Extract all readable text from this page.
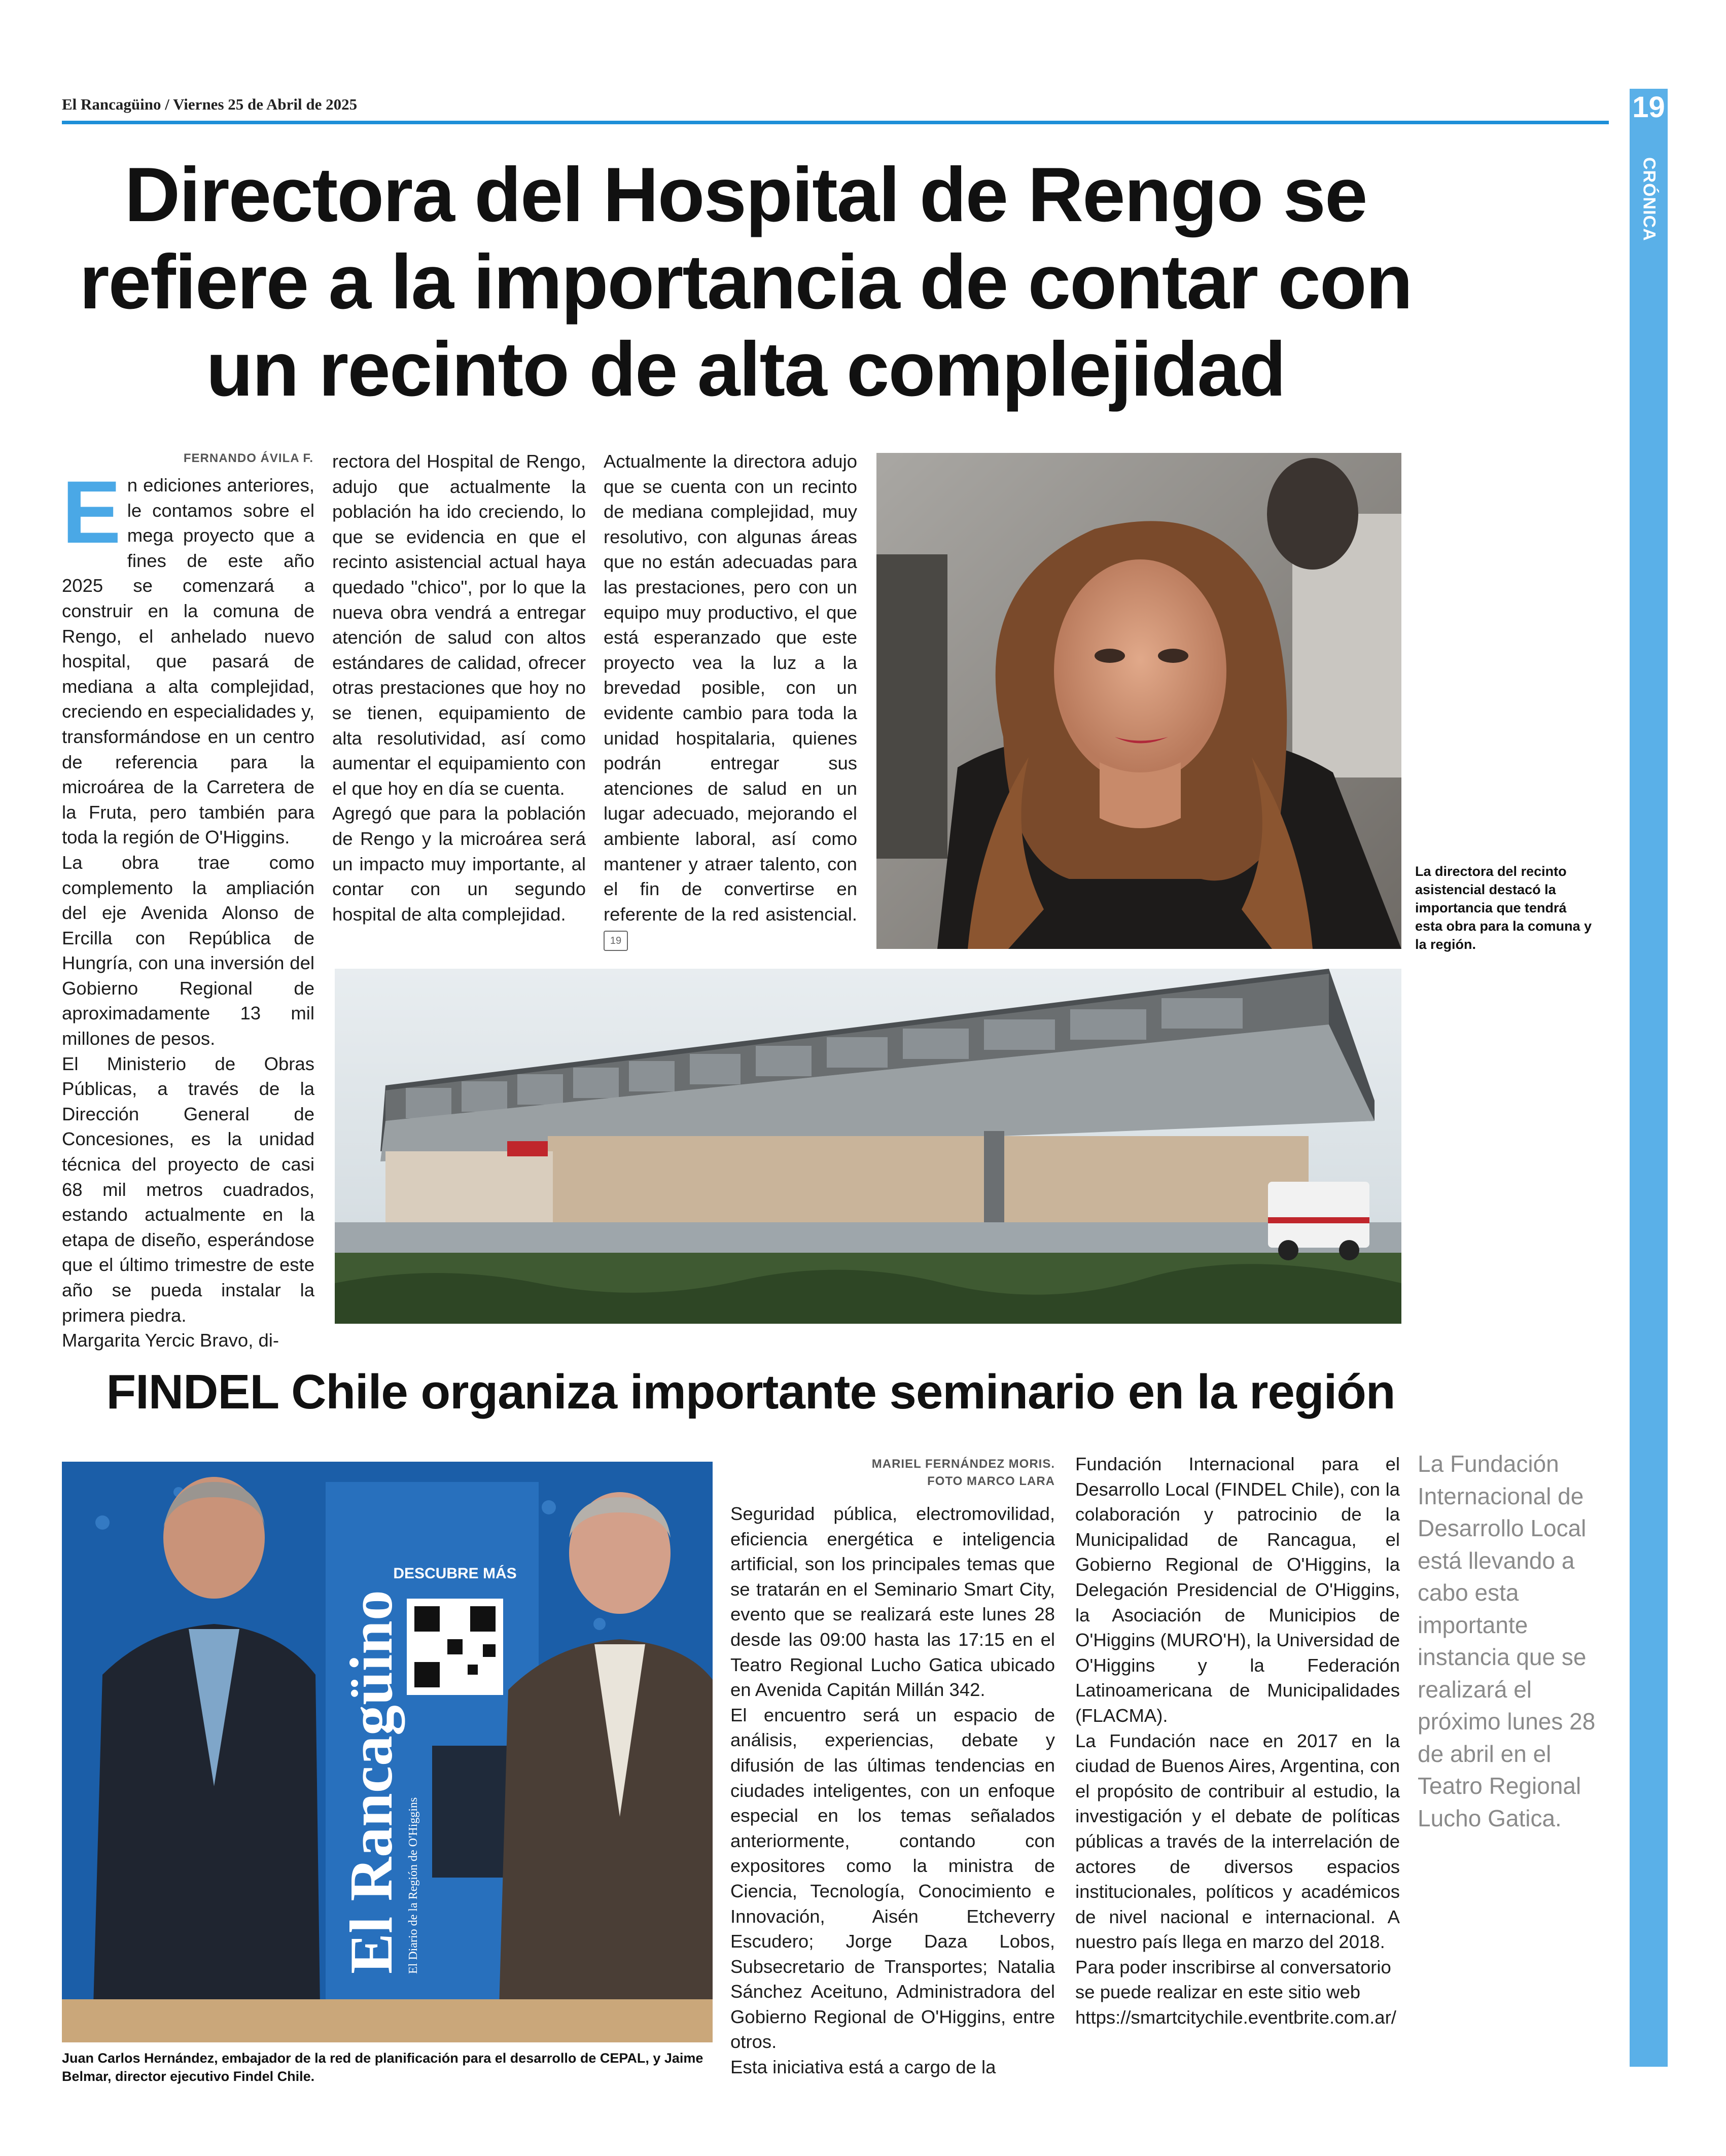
El Rancagüino / Viernes 25 de Abril de 2025	19
CRÓNICA
Directora del Hospital de Rengo se
refiere a la importancia de contar con
un recinto de alta complejidad
FERNANDO ÁVILA F.

En ediciones anteriores, le contamos sobre el mega proyecto que a fines de este año 2025 se comenzará a construir en la comuna de Rengo, el anhelado nuevo hospital, que pasará de mediana a alta complejidad, creciendo en especialidades y, transformándose en un centro de referencia para la microárea de la Carretera de la Fruta, pero también para toda la región de O'Higgins.

La obra trae como complemento la ampliación del eje Avenida Alonso de Ercilla con República de Hungría, con una inversión del Gobierno Regional de aproximadamente 13 mil millones de pesos.

El Ministerio de Obras Públicas, a través de la Dirección General de Concesiones, es la unidad técnica del proyecto de casi 68 mil metros cuadrados, estando actualmente en la etapa de diseño, esperándose que el último trimestre de este año se pueda instalar la primera piedra.

Margarita Yercic Bravo, di-

rectora del Hospital de Rengo, adujo que actualmente la población ha ido creciendo, lo que se evidencia en que el recinto asistencial actual haya quedado "chico", por lo que la nueva obra vendrá a entregar atención de salud con altos estándares de calidad, ofrecer otras prestaciones que hoy no se tienen, equipamiento de alta resolutividad, así como aumentar el equipamiento con el que hoy en día se cuenta.

Agregó que para la población de Rengo y la microárea será un impacto muy importante, al contar con un segundo hospital de alta complejidad.

Actualmente la directora adujo que se cuenta con un recinto de mediana complejidad, muy resolutivo, con algunas áreas que no están adecuadas para las prestaciones, pero con un equipo muy productivo, el que está esperanzado que este proyecto vea la luz a la brevedad posible, con un evidente cambio para toda la unidad hospitalaria, quienes podrán entregar sus atenciones de salud en un lugar adecuado, mejorando el ambiente laboral, así como mantener y atraer talento, con el fin de convertirse en referente de la red asistencial. 19

La directora del recinto asistencial destacó la importancia que tendrá esta obra para la comuna y la región.
FINDEL Chile organiza importante seminario en la región
DESCUBRE MÁS
El Rancagüino El Diario de la Región de O'Higgins
Juan Carlos Hernández, embajador de la red de planificación para el desarrollo de CEPAL, y Jaime Belmar, director ejecutivo Findel Chile.
MARIEL FERNÁNDEZ MORIS.
FOTO MARCO LARA

Seguridad pública, electromovilidad, eficiencia energética e inteligencia artificial, son los principales temas que se tratarán en el Seminario Smart City, evento que se realizará este lunes 28 desde las 09:00 hasta las 17:15 en el Teatro Regional Lucho Gatica ubicado en Avenida Capitán Millán 342.

El encuentro será un espacio de análisis, experiencias, debate y difusión de las últimas tendencias en ciudades inteligentes, con un enfoque especial en los temas señalados anteriormente, contando con expositores como la ministra de Ciencia, Tecnología, Conocimiento e Innovación, Aisén Etcheverry Escudero; Jorge Daza Lobos, Subsecretario de Transportes; Natalia Sánchez Aceituno, Administradora del Gobierno Regional de O'Higgins, entre otros.

Esta iniciativa está a cargo de la

Fundación Internacional para el Desarrollo Local (FINDEL Chile), con la colaboración y patrocinio de la Municipalidad de Rancagua, el Gobierno Regional de O'Higgins, la Delegación Presidencial de O'Higgins, la Asociación de Municipios de O'Higgins (MURO'H), la Universidad de O'Higgins y la Federación Latinoamericana de Municipalidades (FLACMA).

La Fundación nace en 2017 en la ciudad de Buenos Aires, Argentina, con el propósito de contribuir al estudio, la investigación y el debate de políticas públicas a través de la interrelación de actores de diversos espacios institucionales, políticos y académicos de nivel nacional e internacional. A nuestro país llega en marzo del 2018.

Para poder inscribirse al conversatorio se puede realizar en este sitio web https://smartcitychile.eventbrite.com.ar/

La Fundación Internacional de Desarrollo Local está llevando a cabo esta importante instancia que se realizará el próximo lunes 28 de abril en el Teatro Regional Lucho Gatica.
